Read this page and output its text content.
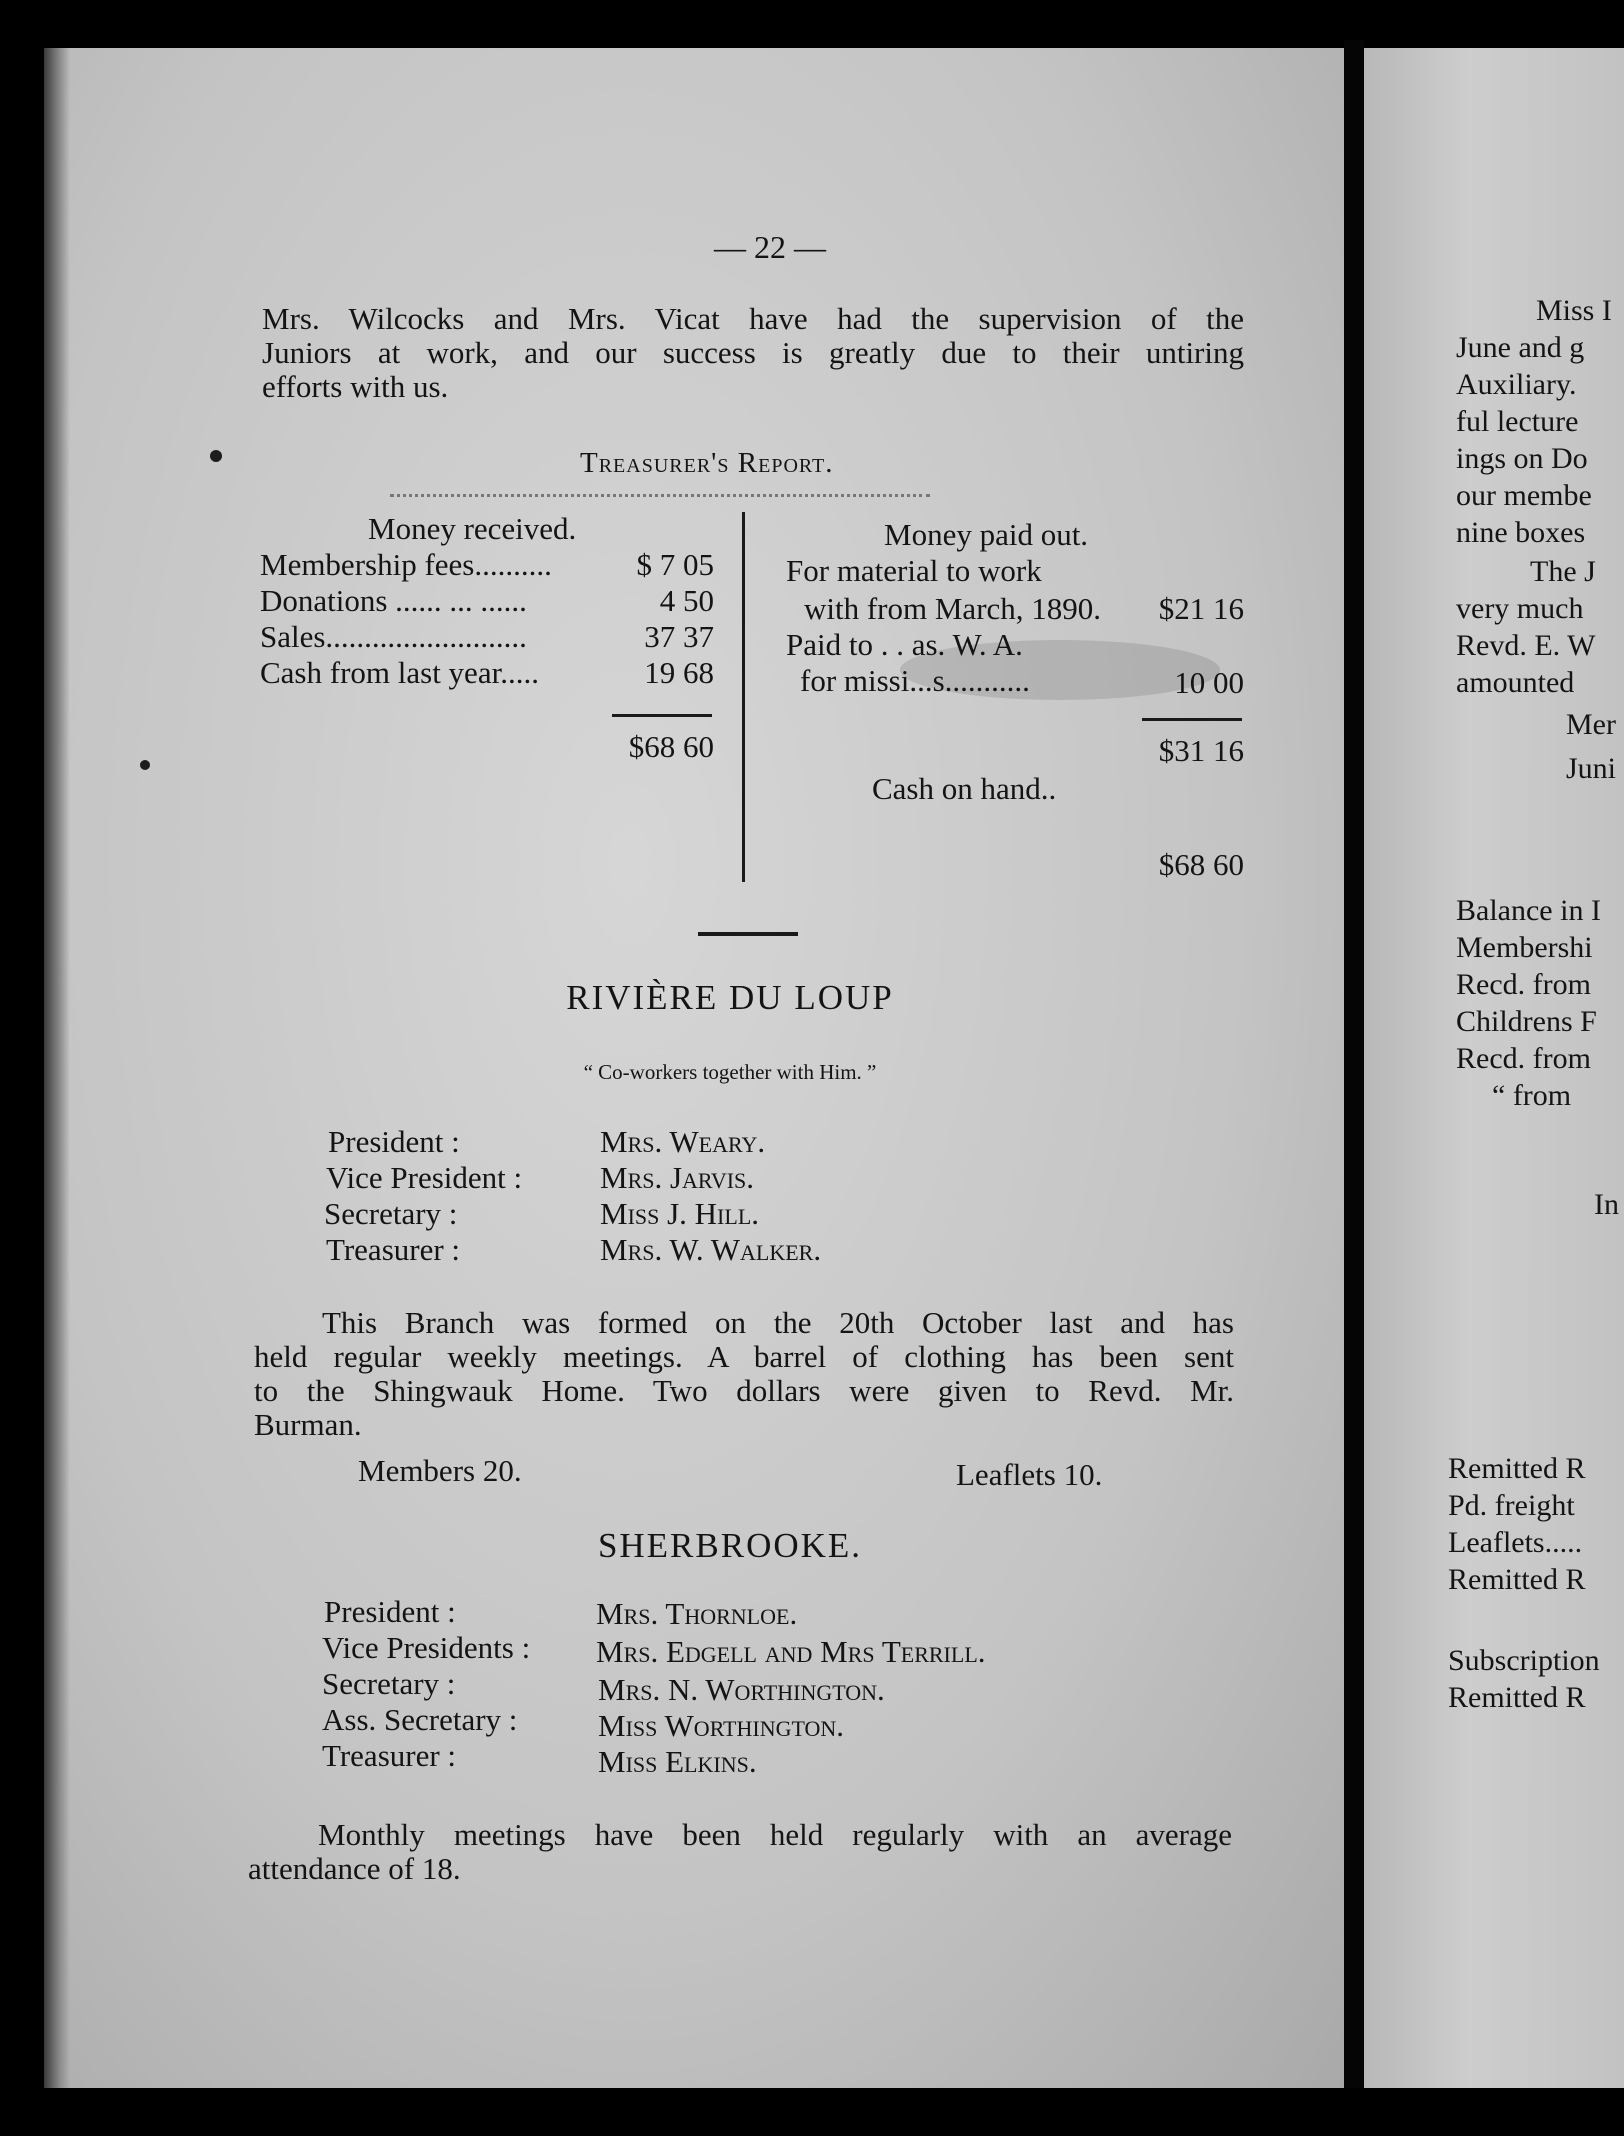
Miss I
June and g
Auxiliary.
ful lecture
ings on Do
our membe
nine boxes
The J
very much
Revd. E. W
amounted
Mer
Juni
Balance in I
Membershi
Recd. from
Childrens F
Recd. from
“ from
In
Remitted R
Pd. freight
Leaflets.....
Remitted R
Subscription
Remitted R
— 22 —
Mrs. Wilcocks and Mrs. Vicat have had the supervision of the
Juniors at work, and our success is greatly due to their untiring
efforts with us.
Treasurer's Report.
Money received.
Membership fees..........	$ 7 05
Donations ...... ... ......	4 50
Sales..........................	37 37
Cash from last year.....	19 68
$68 60
Money paid out.
For material to work
with from March, 1890.	$21 16
Paid to . . as. W. A.
for missi...s...........	10 00
$31 16
Cash on hand..
$68 60
RIVIÈRE DU LOUP
“ Co-workers together with Him. ”
President :	Mrs. Weary.
Vice President :	Mrs. Jarvis.
Secretary :	Miss J. Hill.
Treasurer :	Mrs. W. Walker.
This Branch was formed on the 20th October last and has
held regular weekly meetings. A barrel of clothing has been sent
to the Shingwauk Home. Two dollars were given to Revd. Mr.
Burman.
Members 20.	Leaflets 10.
SHERBROOKE.
President :	Mrs. Thornloe.
Vice Presidents : Mrs. Edgell and Mrs Terrill.
Secretary :	Mrs. N. Worthington.
Ass. Secretary :	Miss Worthington.
Treasurer :	Miss Elkins.
Monthly meetings have been held regularly with an average
attendance of 18.
